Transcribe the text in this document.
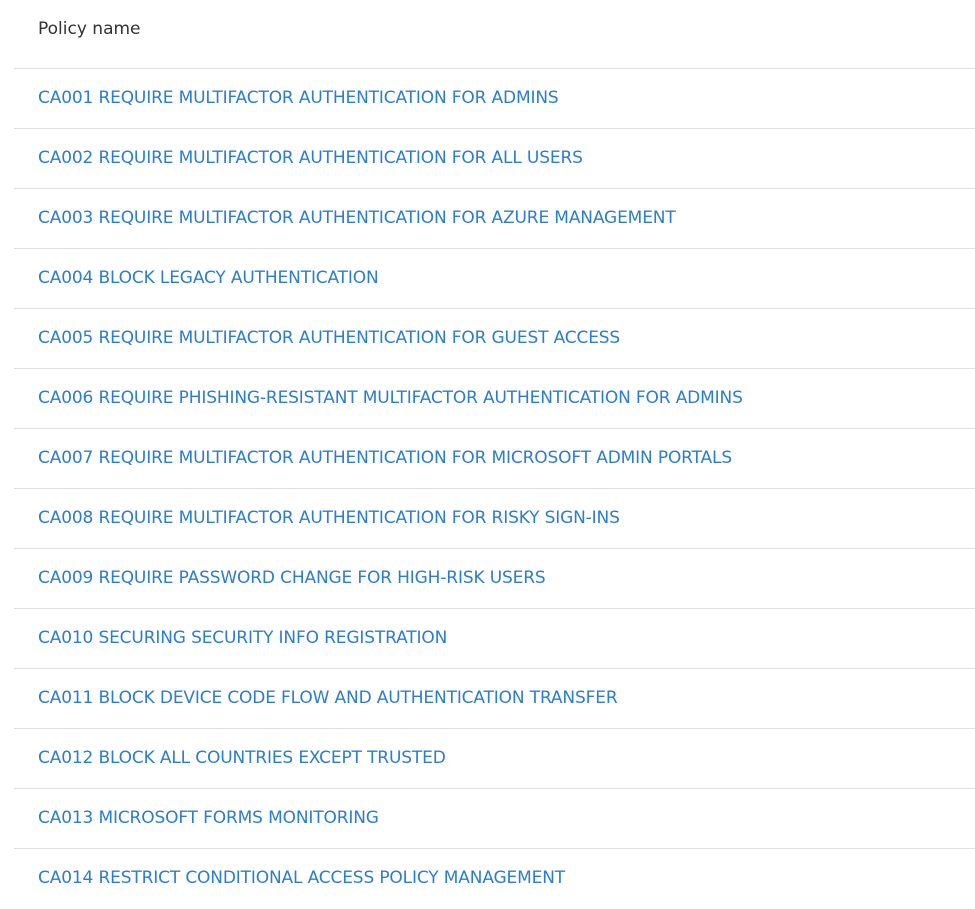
Policy name
CA001 REQUIRE MULTIFACTOR AUTHENTICATION FOR ADMINS
CA002 REQUIRE MULTIFACTOR AUTHENTICATION FOR ALL USERS
CA003 REQUIRE MULTIFACTOR AUTHENTICATION FOR AZURE MANAGEMENT
CA004 BLOCK LEGACY AUTHENTICATION
CA005 REQUIRE MULTIFACTOR AUTHENTICATION FOR GUEST ACCESS
CA006 REQUIRE PHISHING-RESISTANT MULTIFACTOR AUTHENTICATION FOR ADMINS
CA007 REQUIRE MULTIFACTOR AUTHENTICATION FOR MICROSOFT ADMIN PORTALS
CA008 REQUIRE MULTIFACTOR AUTHENTICATION FOR RISKY SIGN-INS
CA009 REQUIRE PASSWORD CHANGE FOR HIGH-RISK USERS
CA010 SECURING SECURITY INFO REGISTRATION
CA011 BLOCK DEVICE CODE FLOW AND AUTHENTICATION TRANSFER
CA012 BLOCK ALL COUNTRIES EXCEPT TRUSTED
CA013 MICROSOFT FORMS MONITORING
CA014 RESTRICT CONDITIONAL ACCESS POLICY MANAGEMENT
